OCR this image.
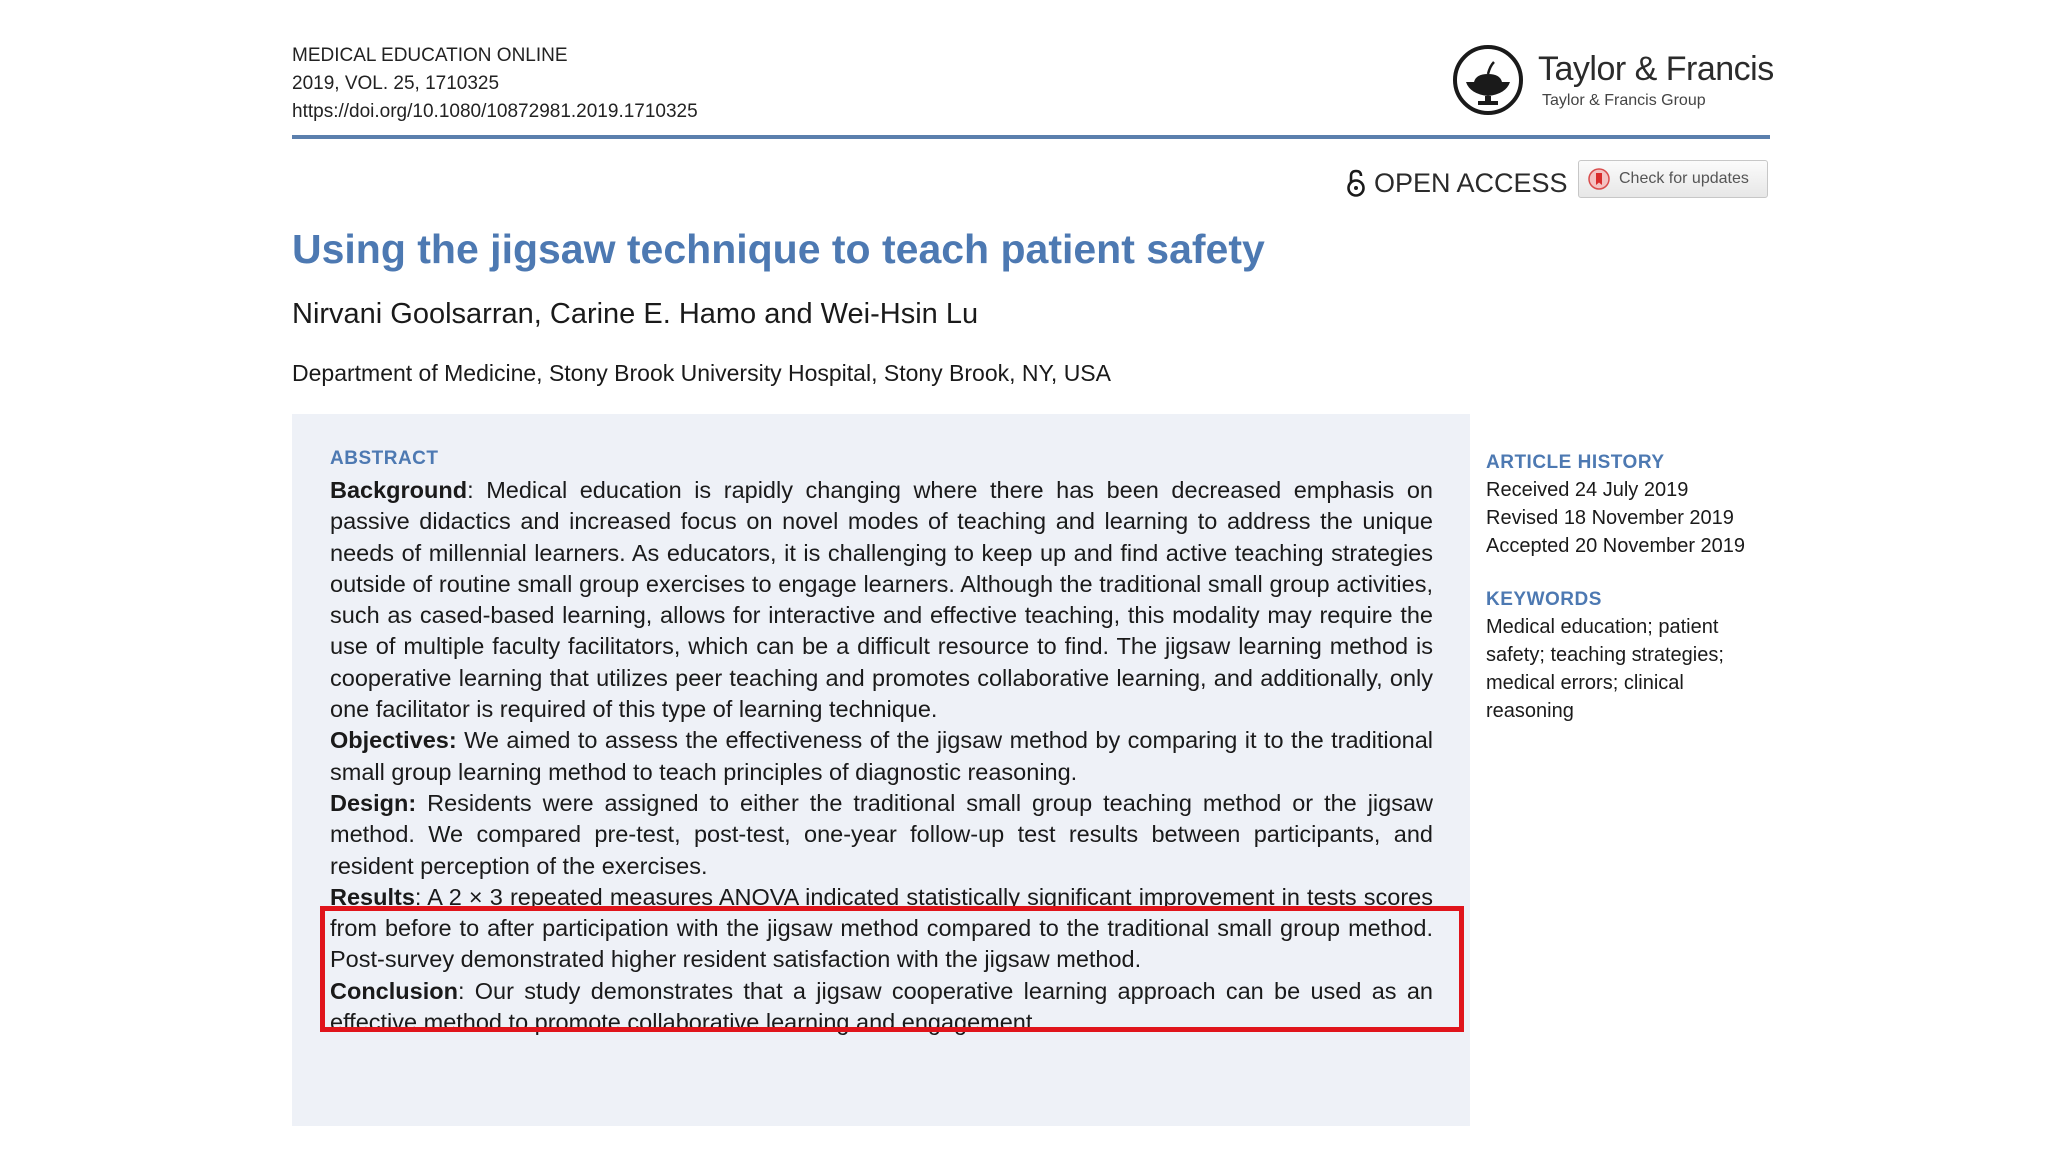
MEDICAL EDUCATION ONLINE
2019, VOL. 25, 1710325
https://doi.org/10.1080/10872981.2019.1710325
Taylor & Francis
Taylor & Francis Group
OPEN ACCESS	Check for updates
Using the jigsaw technique to teach patient safety
Nirvani Goolsarran, Carine E. Hamo and Wei-Hsin Lu
Department of Medicine, Stony Brook University Hospital, Stony Brook, NY, USA
ABSTRACT

Background: Medical education is rapidly changing where there has been decreased emphasis on passive didactics and increased focus on novel modes of teaching and learning to address the unique needs of millennial learners. As educators, it is challenging to keep up and find active teaching strategies outside of routine small group exercises to engage learners. Although the traditional small group activities, such as cased-based learning, allows for interactive and effective teaching, this modality may require the use of multiple faculty facilitators, which can be a difficult resource to find. The jigsaw learning method is cooperative learning that utilizes peer teaching and promotes collaborative learning, and additionally, only one facilitator is required of this type of learning technique.

Objectives: We aimed to assess the effectiveness of the jigsaw method by comparing it to the traditional small group learning method to teach principles of diagnostic reasoning.

Design: Residents were assigned to either the traditional small group teaching method or the jigsaw method. We compared pre-test, post-test, one-year follow-up test results between participants, and resident perception of the exercises.

Results: A 2 × 3 repeated measures ANOVA indicated statistically significant improvement in tests scores from before to after participation with the jigsaw method compared to the traditional small group method. Post-survey demonstrated higher resident satisfaction with the jigsaw method.

Conclusion: Our study demonstrates that a jigsaw cooperative learning approach can be used as an effective method to promote collaborative learning and engagement.

ARTICLE HISTORY
Received 24 July 2019
Revised 18 November 2019
Accepted 20 November 2019
KEYWORDS
Medical education; patient safety; teaching strategies; medical errors; clinical reasoning
